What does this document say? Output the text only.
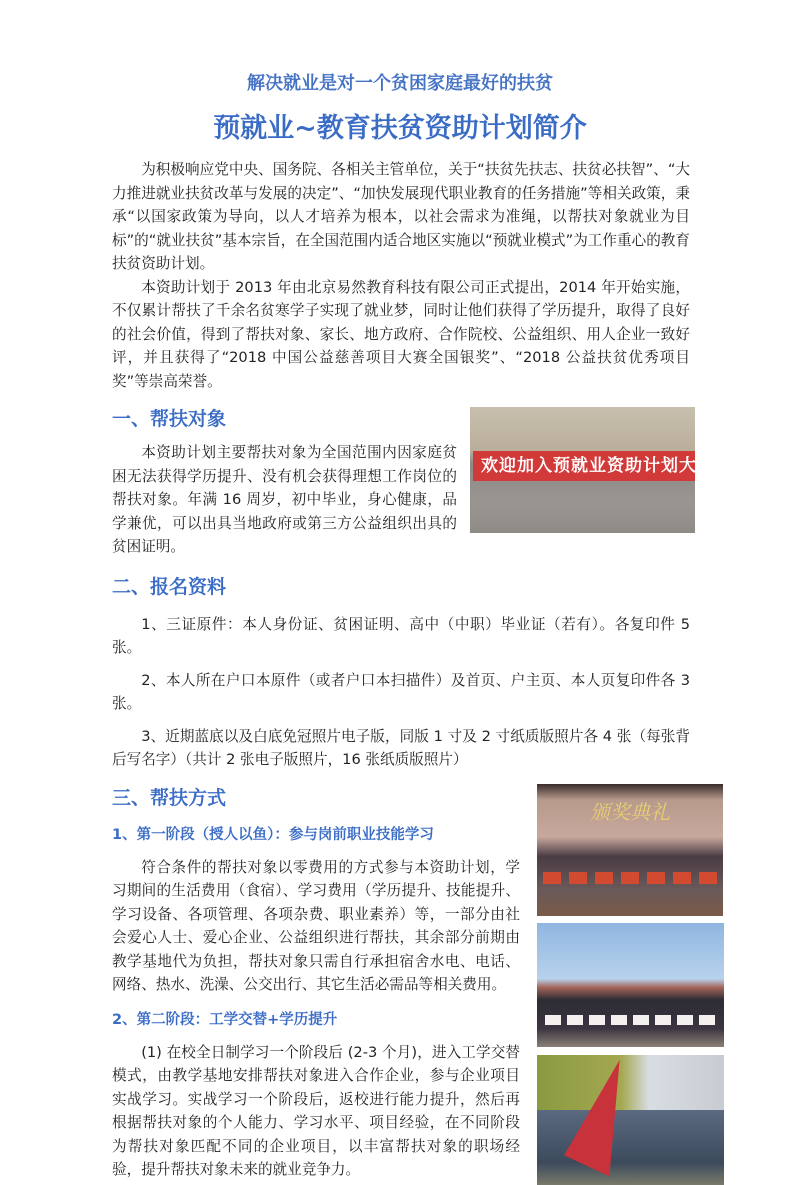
解决就业是对一个贫困家庭最好的扶贫
预就业~教育扶贫资助计划简介

为积极响应党中央、国务院、各相关主管单位，关于“扶贫先扶志、扶贫必扶智”、“大力推进就业扶贫改革与发展的决定”、“加快发展现代职业教育的任务措施”等相关政策，秉承“以国家政策为导向，以人才培养为根本，以社会需求为准绳，以帮扶对象就业为目标”的“就业扶贫”基本宗旨，在全国范围内适合地区实施以“预就业模式”为工作重心的教育扶贫资助计划。

本资助计划于 2013 年由北京易然教育科技有限公司正式提出，2014 年开始实施，不仅累计帮扶了千余名贫寒学子实现了就业梦，同时让他们获得了学历提升，取得了良好的社会价值，得到了帮扶对象、家长、地方政府、合作院校、公益组织、用人企业一致好评，并且获得了“2018 中国公益慈善项目大赛全国银奖”、“2018 公益扶贫优秀项目奖”等崇高荣誉。

一、帮扶对象

本资助计划主要帮扶对象为全国范围内因家庭贫困无法获得学历提升、没有机会获得理想工作岗位的帮扶对象。年满 16 周岁，初中毕业，身心健康，品学兼优，可以出具当地政府或第三方公益组织出具的贫困证明。

欢迎加入预就业资助计划大家庭
二、报名资料

1、三证原件：本人身份证、贫困证明、高中（中职）毕业证（若有）。各复印件 5 张。

2、本人所在户口本原件（或者户口本扫描件）及首页、户主页、本人页复印件各 3 张。

3、近期蓝底以及白底免冠照片电子版，同版 1 寸及 2 寸纸质版照片各 4 张（每张背后写名字）（共计 2 张电子版照片，16 张纸质版照片）

三、帮扶方式
1、第一阶段（授人以鱼）：参与岗前职业技能学习

符合条件的帮扶对象以零费用的方式参与本资助计划，学习期间的生活费用（食宿）、学习费用（学历提升、技能提升、学习设备、各项管理、各项杂费、职业素养）等，一部分由社会爱心人士、爱心企业、公益组织进行帮扶，其余部分前期由教学基地代为负担，帮扶对象只需自行承担宿舍水电、电话、网络、热水、洗澡、公交出行、其它生活必需品等相关费用。

2、第二阶段：工学交替+学历提升

(1) 在校全日制学习一个阶段后 (2-3 个月)，进入工学交替模式，由教学基地安排帮扶对象进入合作企业，参与企业项目实战学习。实战学习一个阶段后，返校进行能力提升，然后再根据帮扶对象的个人能力、学习水平、项目经验，在不同阶段为帮扶对象匹配不同的企业项目，以丰富帮扶对象的职场经验，提升帮扶对象未来的就业竞争力。

颁奖典礼
